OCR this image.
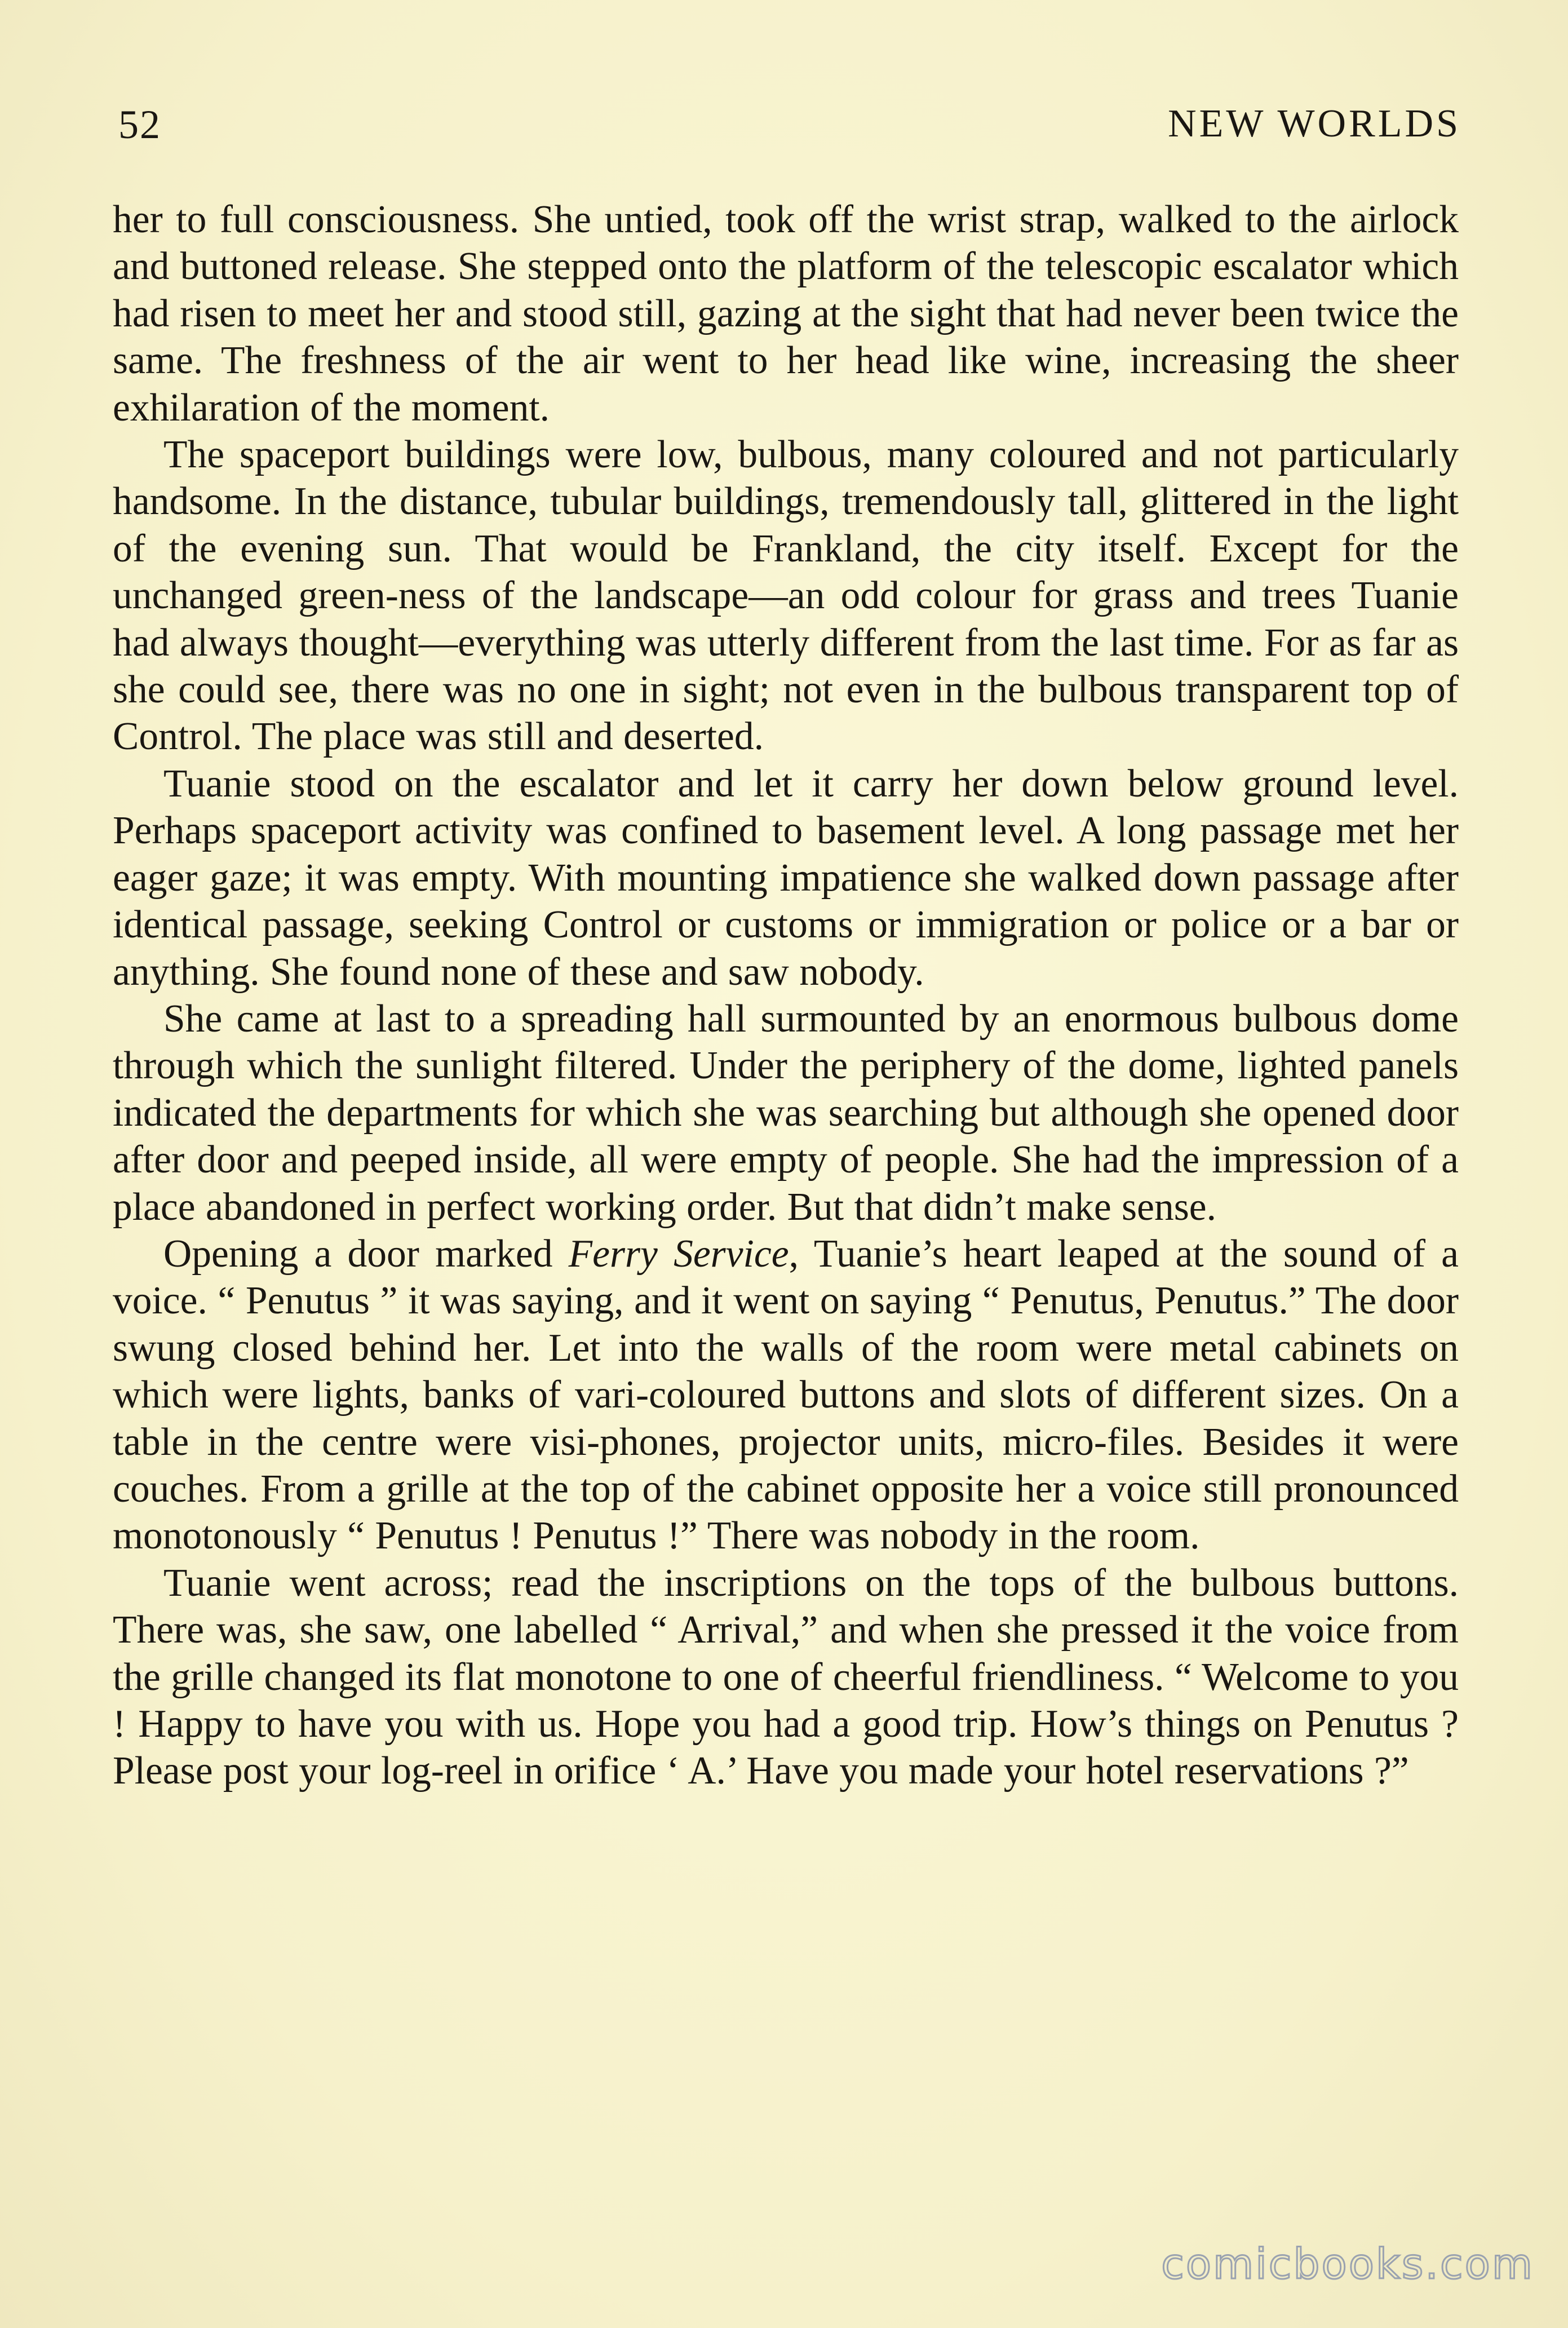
52	NEW WORLDS

her to full consciousness. She untied, took off the wrist strap, walked to the airlock and buttoned release. She stepped onto the platform of the telescopic escalator which had risen to meet her and stood still, gazing at the sight that had never been twice the same. The freshness of the air went to her head like wine, increasing the sheer exhilaration of the moment.

The spaceport buildings were low, bulbous, many coloured and not particularly handsome. In the distance, tubular buildings, tremendously tall, glittered in the light of the evening sun. That would be Frankland, the city itself. Except for the unchanged green-ness of the landscape—an odd colour for grass and trees Tuanie had always thought—everything was utterly different from the last time. For as far as she could see, there was no one in sight; not even in the bulbous transparent top of Control. The place was still and deserted.

Tuanie stood on the escalator and let it carry her down below ground level. Perhaps spaceport activity was confined to basement level. A long passage met her eager gaze; it was empty. With mounting impatience she walked down passage after identical passage, seeking Control or customs or immigration or police or a bar or anything. She found none of these and saw nobody.

She came at last to a spreading hall surmounted by an enormous bulbous dome through which the sunlight filtered. Under the periphery of the dome, lighted panels indicated the departments for which she was searching but although she opened door after door and peeped inside, all were empty of people. She had the impression of a place abandoned in perfect working order. But that didn’t make sense.

Opening a door marked Ferry Service, Tuanie’s heart leaped at the sound of a voice. “ Penutus ” it was saying, and it went on saying “ Penutus, Penutus.” The door swung closed behind her. Let into the walls of the room were metal cabinets on which were lights, banks of vari-coloured buttons and slots of different sizes. On a table in the centre were visi-phones, projector units, micro-files. Besides it were couches. From a grille at the top of the cabinet opposite her a voice still pronounced monotonously “ Penutus ! Penutus !” There was nobody in the room.

Tuanie went across; read the inscriptions on the tops of the bulbous buttons. There was, she saw, one labelled “ Arrival,” and when she pressed it the voice from the grille changed its flat monotone to one of cheerful friendliness. “ Welcome to you ! Happy to have you with us. Hope you had a good trip. How’s things on Penutus ? Please post your log-reel in orifice ‘ A.’ Have you made your hotel reservations ?”

comicbooks.com
